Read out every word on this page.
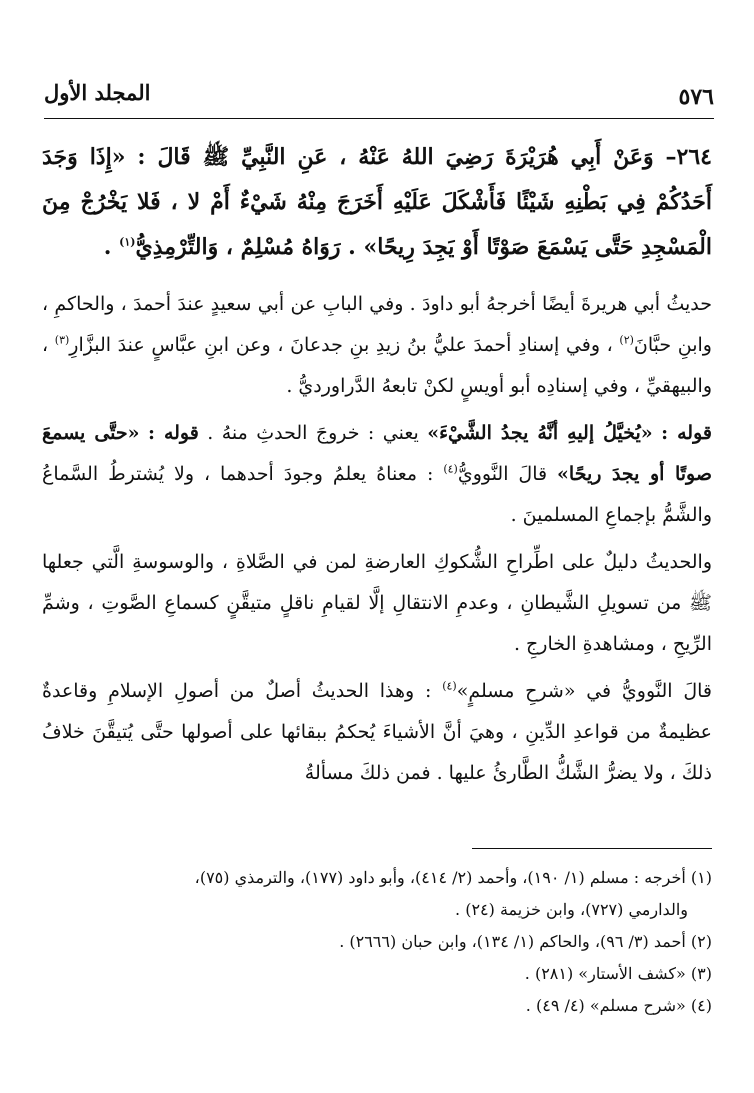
المجلد الأول	٥٧٦

٢٦٤– وَعَنْ أَبِي هُرَيْرَةَ رَضِيَ اللهُ عَنْهُ ، عَنِ النَّبِيِّ ﷺ قَالَ : «إِذَا وَجَدَ أَحَدُكُمْ فِي بَطْنِهِ شَيْئًا فَأَشْكَلَ عَلَيْهِ أَخَرَجَ مِنْهُ شَيْءٌ أَمْ لا ، فَلا يَخْرُجْ مِنَ الْمَسْجِدِ حَتَّى يَسْمَعَ صَوْتًا أَوْ يَجِدَ رِيحًا» . رَوَاهُ مُسْلِمٌ ، وَالتِّرْمِذِيُّ$^{(١)}$ .

حديثُ أبي هريرةَ أيضًا أخرجهُ أبو داودَ . وفي البابِ عن أبي سعيدٍ عندَ أحمدَ ، والحاكمِ ، وابنِ حبَّانَ$^{(٢)}$ ، وفي إسنادِ أحمدَ عليُّ بنُ زيدِ بنِ جدعانَ ، وعن ابنِ عبَّاسٍ عندَ البزَّارِ$^{(٣)}$ ، والبيهقيِّ ، وفي إسنادِه أبو أويسٍ لكنْ تابعهُ الدَّراورديُّ .

قوله : «يُخيَّلُ إليهِ أنَّهُ يجدُ الشَّيْءَ» يعني : خروجَ الحدثِ منهُ . قوله : «حتَّى يسمعَ صوتًا أو يجدَ ريحًا» قالَ النَّوويُّ$^{(٤)}$ : معناهُ يعلمُ وجودَ أحدهما ، ولا يُشترطُ السَّماعُ والشَّمُّ بإجماعِ المسلمينَ .

والحديثُ دليلٌ على اطِّراحِ الشُّكوكِ العارضةِ لمن في الصَّلاةِ ، والوسوسةِ الَّتي جعلها ﷺ من تسويلِ الشَّيطانِ ، وعدمِ الانتقالِ إلَّا لقيامِ ناقلٍ متيقَّنٍ كسماعِ الصَّوتِ ، وشمِّ الرِّيحِ ، ومشاهدةِ الخارجِ .

قالَ النَّوويُّ في «شرحِ مسلمٍ»$^{(٤)}$ : وهذا الحديثُ أصلٌ من أصولِ الإسلامِ وقاعدةٌ عظيمةٌ من قواعدِ الدِّينِ ، وهيَ أنَّ الأشياءَ يُحكمُ ببقائها على أصولها حتَّى يُتيقَّنَ خلافُ ذلكَ ، ولا يضرُّ الشَّكُّ الطَّارئُ عليها . فمن ذلكَ مسألةُ

(١) أخرجه : مسلم (١/ ١٩٠)، وأحمد (٢/ ٤١٤)، وأبو داود (١٧٧)، والترمذي (٧٥)،

والدارمي (٧٢٧)، وابن خزيمة (٢٤) .

(٢) أحمد (٣/ ٩٦)، والحاكم (١/ ١٣٤)، وابن حبان (٢٦٦٦) .

(٣) «كشف الأستار» (٢٨١) .

(٤) «شرح مسلم» (٤/ ٤٩) .
